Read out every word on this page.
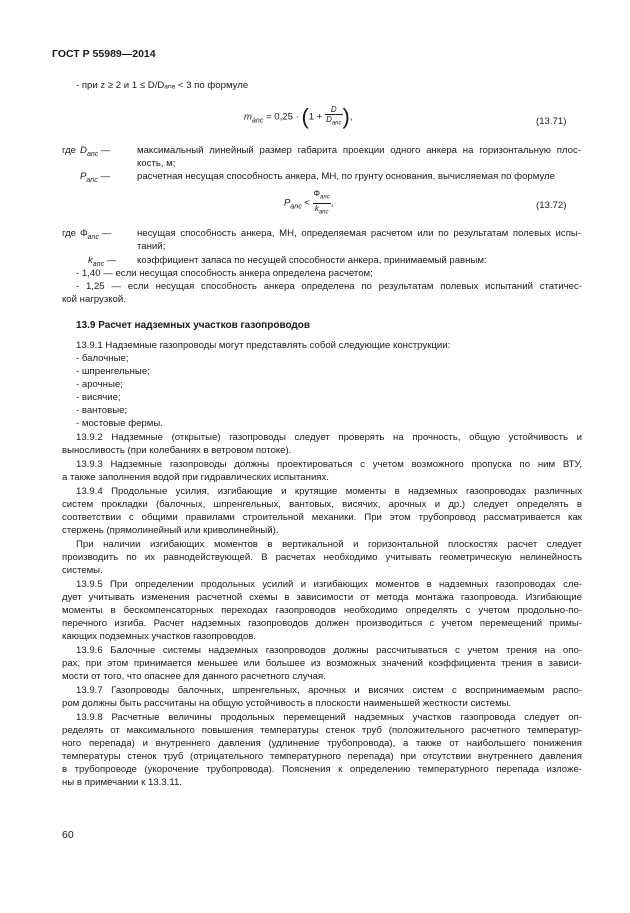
ГОСТ Р 55989—2014
- при z ≥ 2 и 1 ≤ D/Dₐₙₑ < 3 по формуле
$m_{anc} = 0,25 \cdot (1 + \frac{D}{D_{anc}}$ ),	(13.71)
где $D_{anc}$ —	максимальный линейный размер габарита проекции одного анкера на горизонтальную плос-
кость, м;
$P_{anc}$ —	расчетная несущая способность анкера, МН, по грунту основания, вычисляемая по формуле
$P_{anc} < \frac{\Phi_{anc}}{k_{anc}}$ ,	(13.72)
где $\Phi_{anc}$ —	несущая способность анкера, МН, определяемая расчетом или по результатам полевых испы-
таний;
$k_{anc}$ — коэффициент запаса по несущей способности анкера, принимаемый равным:
- 1,40 — если несущая способность анкера определена расчетом;
- 1,25 — если несущая способность анкера определена по результатам полевых испытаний статичес-
кой нагрузкой.
13.9 Расчет надземных участков газопроводов
13.9.1 Надземные газопроводы могут представлять собой следующие конструкции:
- балочные;
- шпренгельные;
- арочные;
- висячие;
- вантовые;
- мостовые фермы.
13.9.2 Надземные (открытые) газопроводы следует проверять на прочность, общую устойчивость и
выносливость (при колебаниях в ветровом потоке).
13.9.3 Надземные газопроводы должны проектироваться с учетом возможного пропуска по ним ВТУ,
а также заполнения водой при гидравлических испытаниях.
13.9.4 Продольные усилия, изгибающие и крутящие моменты в надземных газопроводах различных
систем прокладки (балочных, шпренгельных, вантовых, висячих, арочных и др.) следует определять в
соответствии с общими правилами строительной механики. При этом трубопровод рассматривается как
стержень (прямолинейный или криволинейный).
При наличии изгибающих моментов в вертикальной и горизонтальной плоскостях расчет следует
производить по их равнодействующей. В расчетах необходимо учитывать геометрическую нелинейность
системы.
13.9.5 При определении продольных усилий и изгибающих моментов в надземных газопроводах сле-
дует учитывать изменения расчетной схемы в зависимости от метода монтажа газопровода. Изгибающие
моменты в бескомпенсаторных переходах газопроводов необходимо определять с учетом продольно-по-
перечного изгиба. Расчет надземных газопроводов должен производиться с учетом перемещений примы-
кающих подземных участков газопроводов.
13.9.6 Балочные системы надземных газопроводов должны рассчитываться с учетом трения на опо-
рах, при этом принимается меньшее или большее из возможных значений коэффициента трения в зависи-
мости от того, что опаснее для данного расчетного случая.
13.9.7 Газопроводы балочных, шпренгельных, арочных и висячих систем с воспринимаемым распо-
ром должны быть рассчитаны на общую устойчивость в плоскости наименьшей жесткости системы.
13.9.8 Расчетные величины продольных перемещений надземных участков газопровода следует оп-
ределять от максимального повышения температуры стенок труб (положительного расчетного температур-
ного перепада) и внутреннего давления (удлинение трубопровода), а также от наибольшего понижения
температуры стенок труб (отрицательного температурного перепада) при отсутствии внутреннего давления
в трубопроводе (укорочение трубопровода). Пояснения к определению температурного перепада изложе-
ны в примечании к 13.3.11.
60
